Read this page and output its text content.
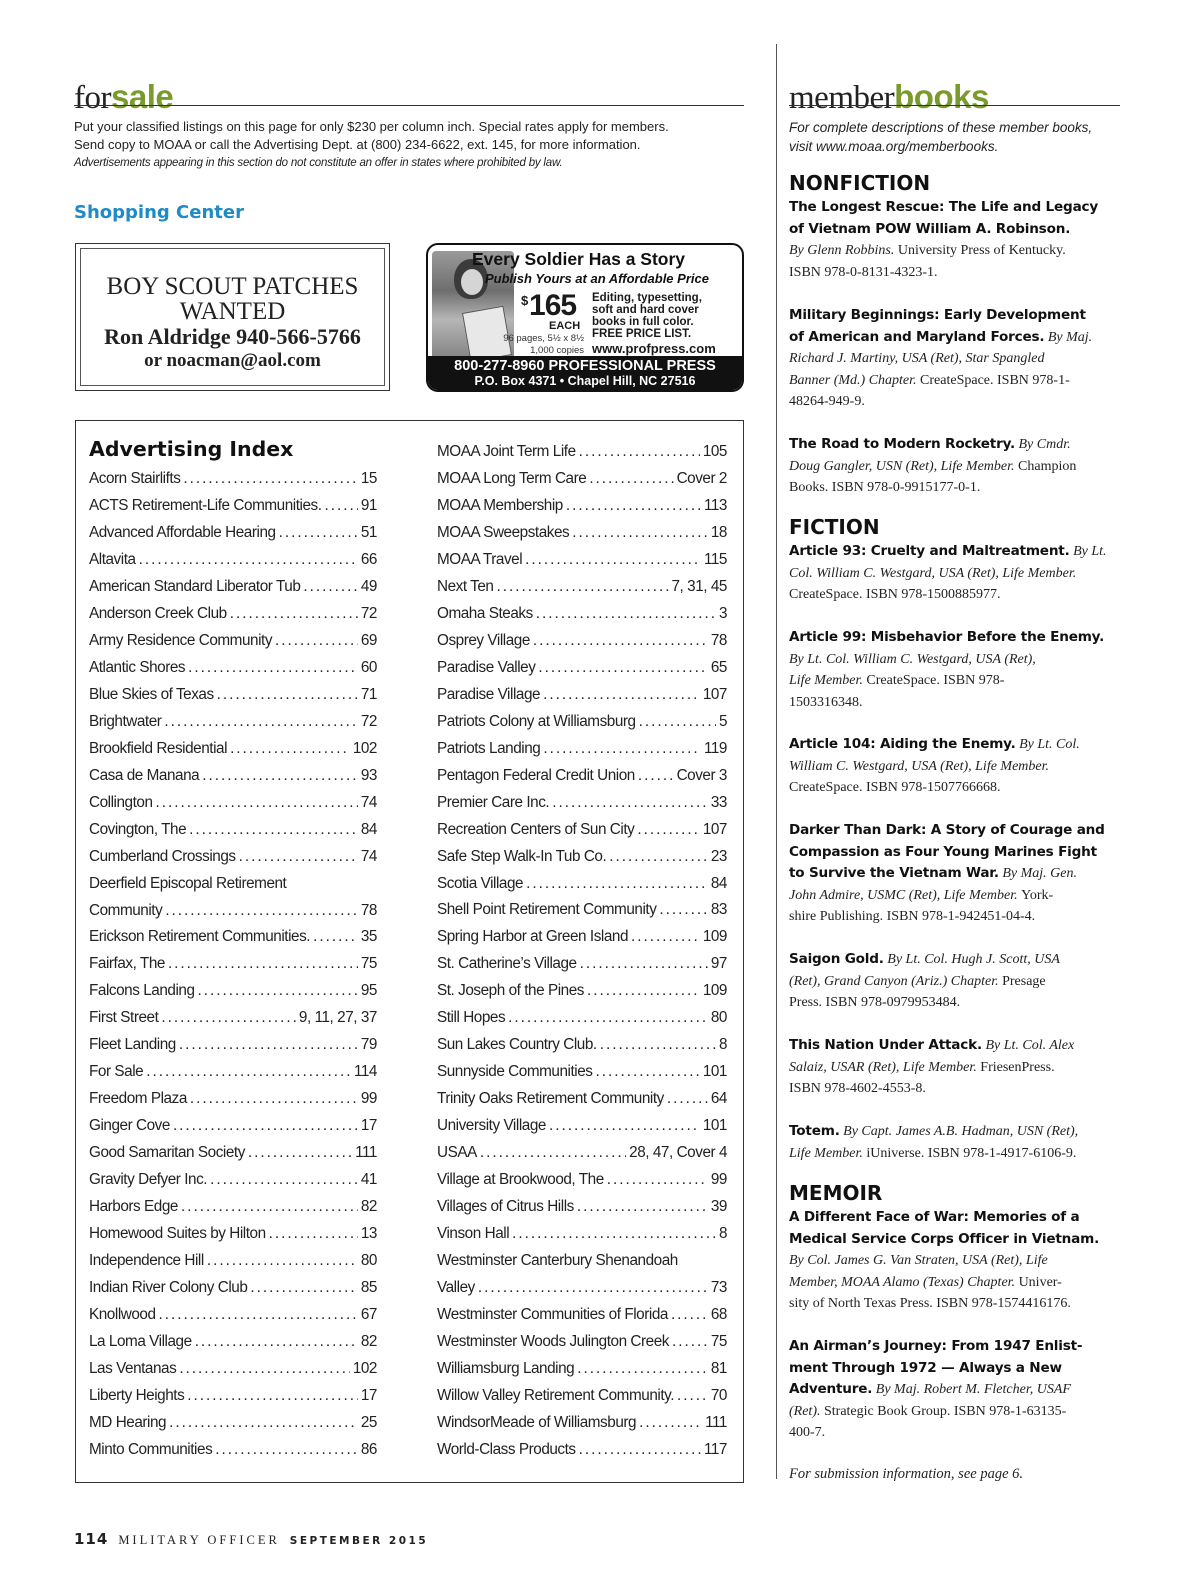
forsale
Put your classified listings on this page for only $230 per column inch. Special rates apply for members.
Send copy to MOAA or call the Advertising Dept. at (800) 234-6622, ext. 145, for more information.
Advertisements appearing in this section do not constitute an offer in states where prohibited by law.
Shopping Center
BOY SCOUT PATCHES
WANTED
Ron Aldridge 940-566-5766
or noacman@aol.com
Every Soldier Has a Story
Publish Yours at an Affordable Price
$ 165
EACH
Editing, typesetting,
soft and hard cover
books in full color.
FREE PRICE LIST.
96 pages, 5½ x 8½
1,000 copies www.profpress.com
800-277-8960 PROFESSIONAL PRESS
P.O. Box 4371 • Chapel Hill, NC 27516
Advertising Index
Acorn Stairlifts .....	15
ACTS Retirement-Life Communities. .....	91
Advanced Affordable Hearing .....	51
Altavita .....	66
American Standard Liberator Tub .....	49
Anderson Creek Club .....	72
Army Residence Community .....	69
Atlantic Shores .....	60
Blue Skies of Texas .....	71
Brightwater .....	72
Brookfield Residential .....	102
Casa de Manana .....	93
Collington .....	74
Covington, The .....	84
Cumberland Crossings .....	74
Deerfield Episcopal Retirement
Community .....	78
Erickson Retirement Communities. .....	35
Fairfax, The .....	75
Falcons Landing .....	95
First Street .....	9, 11, 27, 37
Fleet Landing .....	79
For Sale .....	114
Freedom Plaza .....	99
Ginger Cove .....	17
Good Samaritan Society .....	111
Gravity Defyer Inc. .....	41
Harbors Edge .....	82
Homewood Suites by Hilton .....	13
Independence Hill .....	80
Indian River Colony Club .....	85
Knollwood .....	67
La Loma Village .....	82
Las Ventanas .....	102
Liberty Heights .....	17
MD Hearing .....	25
Minto Communities .....	86
MOAA Joint Term Life .....	105
MOAA Long Term Care .....	Cover 2
MOAA Membership .....	113
MOAA Sweepstakes .....	18
MOAA Travel .....	115
Next Ten .....	7, 31, 45
Omaha Steaks .....	3
Osprey Village .....	78
Paradise Valley .....	65
Paradise Village .....	107
Patriots Colony at Williamsburg .....	5
Patriots Landing .....	119
Pentagon Federal Credit Union .....	Cover 3
Premier Care Inc. .....	33
Recreation Centers of Sun City .....	107
Safe Step Walk-In Tub Co. .....	23
Scotia Village .....	84
Shell Point Retirement Community .....	83
Spring Harbor at Green Island .....	109
St. Catherine’s Village .....	97
St. Joseph of the Pines .....	109
Still Hopes .....	80
Sun Lakes Country Club. .....	8
Sunnyside Communities .....	101
Trinity Oaks Retirement Community .....	64
University Village .....	101
USAA .....	28, 47, Cover 4
Village at Brookwood, The .....	99
Villages of Citrus Hills .....	39
Vinson Hall .....	8
Westminster Canterbury Shenandoah
Valley .....	73
Westminster Communities of Florida .....	68
Westminster Woods Julington Creek .....	75
Williamsburg Landing .....	81
Willow Valley Retirement Community. ..... 70
WindsorMeade of Williamsburg .....	111
World-Class Products .....	117
memberbooks
For complete descriptions of these member books,
visit www.moaa.org/memberbooks.
NONFICTION
FICTION
MEMOIR
The Longest Rescue: The Life and Legacy
of Vietnam POW William A. Robinson.
By Glenn Robbins. University Press of Kentucky.
ISBN 978-0-8131-4323-1.
Military Beginnings: Early Development
of American and Maryland Forces. By Maj.
Richard J. Martiny, USA (Ret), Star Spangled
Banner (Md.) Chapter. CreateSpace. ISBN 978-1-
48264-949-9.
The Road to Modern Rocketry. By Cmdr.
Doug Gangler, USN (Ret), Life Member. Champion
Books. ISBN 978-0-9915177-0-1.
Article 93: Cruelty and Maltreatment. By Lt.
Col. William C. Westgard, USA (Ret), Life Member.
CreateSpace. ISBN 978-1500885977.
Article 99: Misbehavior Before the Enemy.
By Lt. Col. William C. Westgard, USA (Ret),
Life Member. CreateSpace. ISBN 978-
1503316348.
Article 104: Aiding the Enemy. By Lt. Col.
William C. Westgard, USA (Ret), Life Member.
CreateSpace. ISBN 978-1507766668.
Darker Than Dark: A Story of Courage and
Compassion as Four Young Marines Fight
to Survive the Vietnam War. By Maj. Gen.
John Admire, USMC (Ret), Life Member. York-
shire Publishing. ISBN 978-1-942451-04-4.
Saigon Gold. By Lt. Col. Hugh J. Scott, USA
(Ret), Grand Canyon (Ariz.) Chapter. Presage
Press. ISBN 978-0979953484.
This Nation Under Attack. By Lt. Col. Alex
Salaiz, USAR (Ret), Life Member. FriesenPress.
ISBN 978-4602-4553-8.
Totem. By Capt. James A.B. Hadman, USN (Ret),
Life Member. iUniverse. ISBN 978-1-4917-6106-9.
A Different Face of War: Memories of a
Medical Service Corps Officer in Vietnam.
By Col. James G. Van Straten, USA (Ret), Life
Member, MOAA Alamo (Texas) Chapter. Univer-
sity of North Texas Press. ISBN 978-1574416176.
An Airman’s Journey: From 1947 Enlist-
ment Through 1972 — Always a New
Adventure. By Maj. Robert M. Fletcher, USAF
(Ret). Strategic Book Group. ISBN 978-1-63135-
400-7.
For submission information, see page 6.
114 MILITARY OFFICER SEPTEMBER 2015
